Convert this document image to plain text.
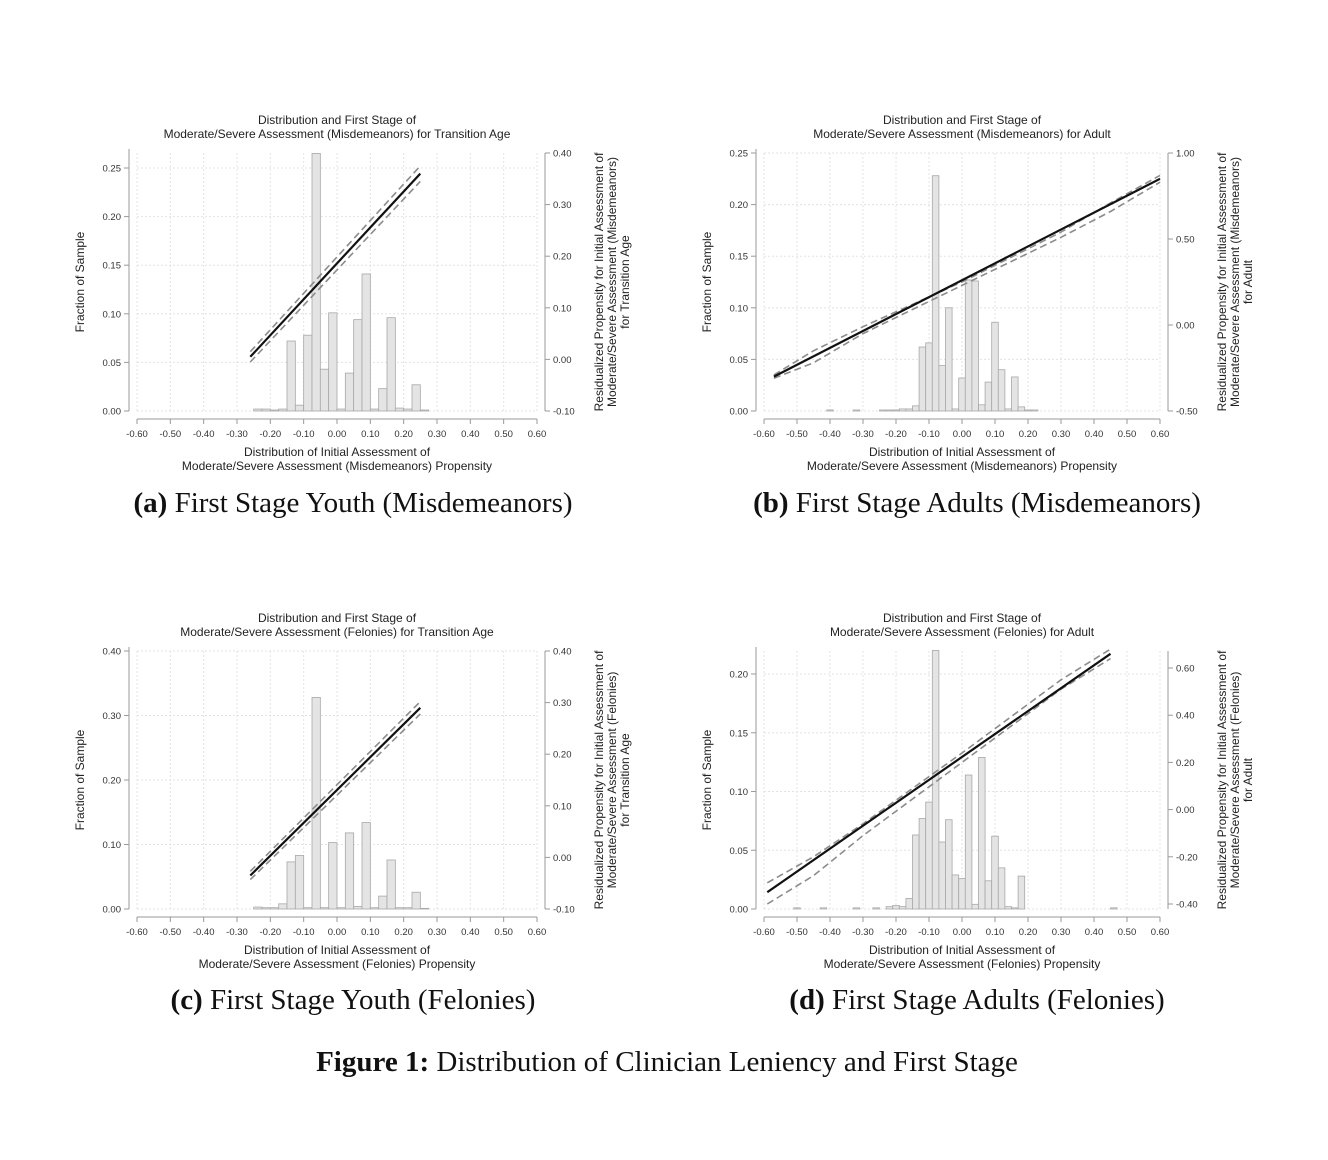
-0.60 -0.50 -0.40 -0.30 -0.20 -0.10 0.00 0.10 0.20 0.30 0.40 0.50 0.60
0.00
0.05
0.10
0.15
0.20
0.25
-0.10
0.00
0.10
0.20
0.30
0.40
Distribution and First Stage of
Moderate/Severe Assessment (Misdemeanors) for Transition Age
Distribution of Initial Assessment of
Moderate/Severe Assessment (Misdemeanors) Propensity
Fraction of Sample	Residualized Propensity for Initial Assessment of Moderate/Severe Assessment (Misdemeanors) for Transition Age
-0.60 -0.50 -0.40 -0.30 -0.20 -0.10 0.00 0.10 0.20 0.30 0.40 0.50 0.60
0.00
0.05
0.10
0.15
0.20
0.25
-0.50
0.00
0.50
1.00
Distribution and First Stage of
Moderate/Severe Assessment (Misdemeanors) for Adult
Distribution of Initial Assessment of
Moderate/Severe Assessment (Misdemeanors) Propensity
Fraction of Sample	Residualized Propensity for Initial Assessment of Moderate/Severe Assessment (Misdemeanors) for Adult
-0.60 -0.50 -0.40 -0.30 -0.20 -0.10 0.00 0.10 0.20 0.30 0.40 0.50 0.60
0.00
0.10
0.20
0.30
0.40
-0.10
0.00
0.10
0.20
0.30
0.40
Distribution and First Stage of
Moderate/Severe Assessment (Felonies) for Transition Age
Distribution of Initial Assessment of
Moderate/Severe Assessment (Felonies) Propensity
Fraction of Sample	Residualized Propensity for Initial Assessment of Moderate/Severe Assessment (Felonies) for Transition Age
-0.60 -0.50 -0.40 -0.30 -0.20 -0.10 0.00 0.10 0.20 0.30 0.40 0.50 0.60
0.00
0.05
0.10
0.15
0.20
-0.40
-0.20
0.00
0.20
0.40
0.60
Distribution and First Stage of
Moderate/Severe Assessment (Felonies) for Adult
Distribution of Initial Assessment of
Moderate/Severe Assessment (Felonies) Propensity
Fraction of Sample	Residualized Propensity for Initial Assessment of Moderate/Severe Assessment (Felonies) for Adult
(a) First Stage Youth (Misdemeanors)	(b) First Stage Adults (Misdemeanors)
(c) First Stage Youth (Felonies)	(d) First Stage Adults (Felonies)
Figure 1: Distribution of Clinician Leniency and First Stage
